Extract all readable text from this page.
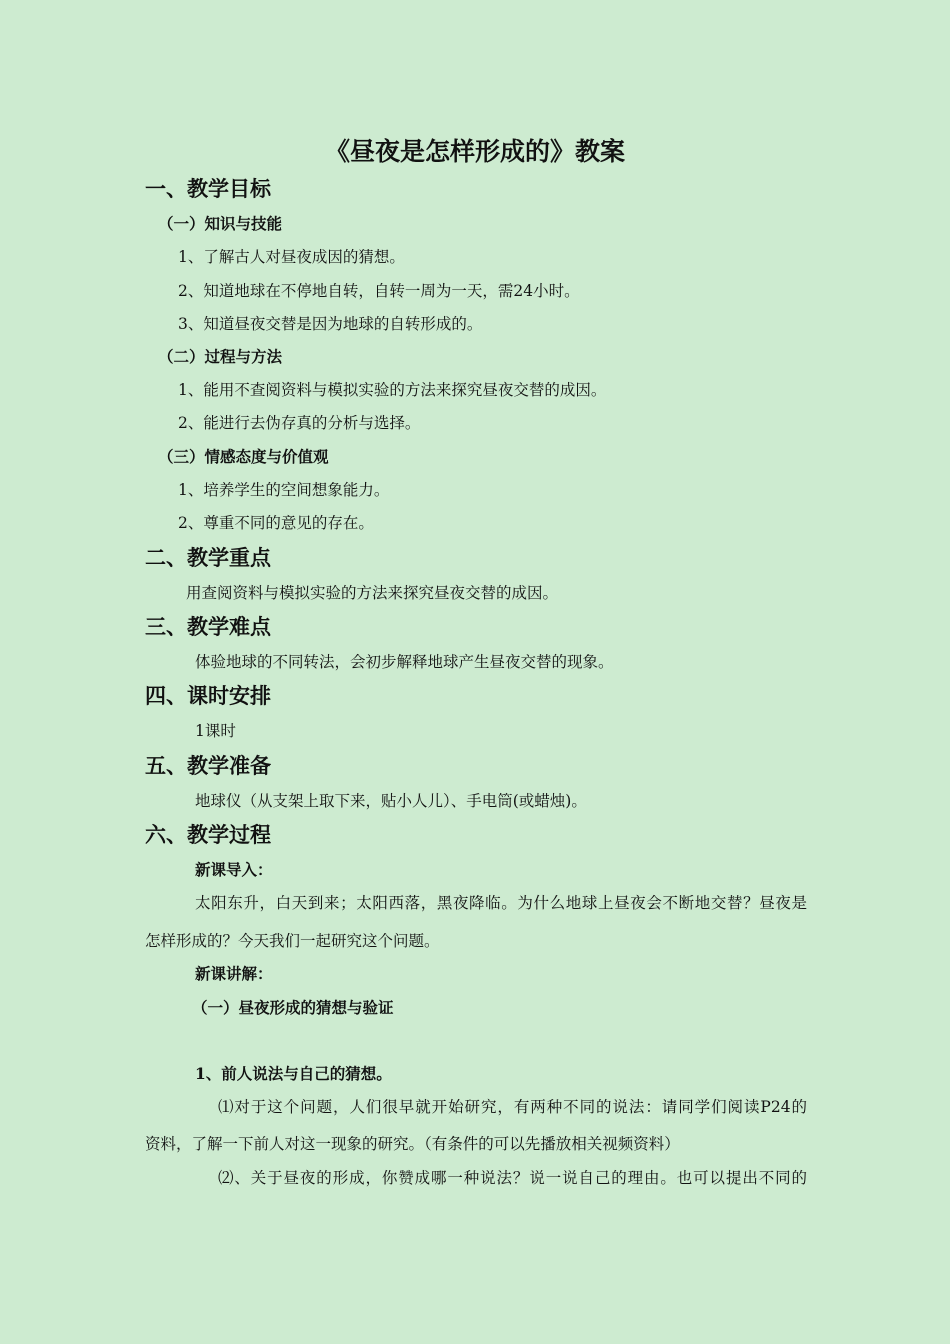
《昼夜是怎样形成的》教案
一、教学目标
（一）知识与技能
1、了解古人对昼夜成因的猜想。
2、知道地球在不停地自转，自转一周为一天，需24小时。
3、知道昼夜交替是因为地球的自转形成的。
（二）过程与方法
1、能用不查阅资料与模拟实验的方法来探究昼夜交替的成因。
2、能进行去伪存真的分析与选择。
（三）情感态度与价值观
1、培养学生的空间想象能力。
2、尊重不同的意见的存在。
二、教学重点
用查阅资料与模拟实验的方法来探究昼夜交替的成因。
三、教学难点
体验地球的不同转法，会初步解释地球产生昼夜交替的现象。
四、课时安排
1课时
五、教学准备
地球仪（从支架上取下来，贴小人儿）、手电筒(或蜡烛)。
六、教学过程
新课导入：
太阳东升，白天到来；太阳西落，黑夜降临。为什么地球上昼夜会不断地交替？昼夜是
怎样形成的？今天我们一起研究这个问题。
新课讲解：
（一）昼夜形成的猜想与验证
1、前人说法与自己的猜想。
⑴对于这个问题，人们很早就开始研究，有两种不同的说法：请同学们阅读P24的
资料，了解一下前人对这一现象的研究。（有条件的可以先播放相关视频资料）
⑵、关于昼夜的形成，你赞成哪一种说法？说一说自己的理由。也可以提出不同的
